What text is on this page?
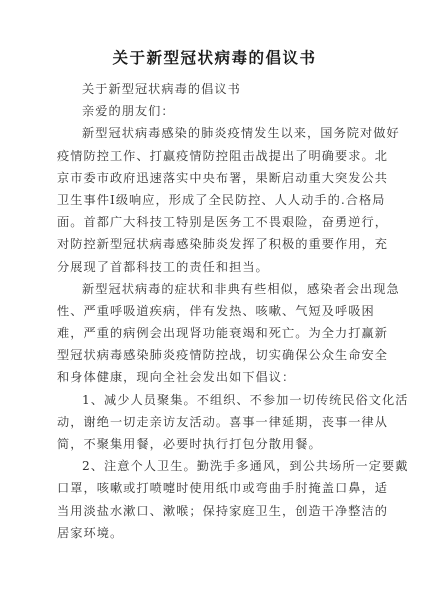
关于新型冠状病毒的倡议书
关于新型冠状病毒的倡议书
亲爱的朋友们：
新型冠状病毒感染的肺炎疫情发生以来，国务院对做好
疫情防控工作、打赢疫情防控阻击战提出了明确要求。北
京市委市政府迅速落实中央布署，果断启动重大突发公共
卫生事件Ⅰ级响应，形成了全民防控、人人动手的.合格局
面。首都广大科技工特别是医务工不畏艰险，奋勇逆行，
对防控新型冠状病毒感染肺炎发挥了积极的重要作用，充
分展现了首都科技工的责任和担当。
新型冠状病毒的症状和非典有些相似，感染者会出现急
性、严重呼吸道疾病，伴有发热、咳嗽、气短及呼吸困
难，严重的病例会出现肾功能衰竭和死亡。为全力打赢新
型冠状病毒感染肺炎疫情防控战，切实确保公众生命安全
和身体健康，现向全社会发出如下倡议：
1、减少人员聚集。不组织、不参加一切传统民俗文化活
动，谢绝一切走亲访友活动。喜事一律延期，丧事一律从
简，不聚集用餐，必要时执行打包分散用餐。
2、注意个人卫生。勤洗手多通风，到公共场所一定要戴
口罩，咳嗽或打喷嚏时使用纸巾或弯曲手肘掩盖口鼻，适
当用淡盐水漱口、漱喉；保持家庭卫生，创造干净整洁的
居家环境。
